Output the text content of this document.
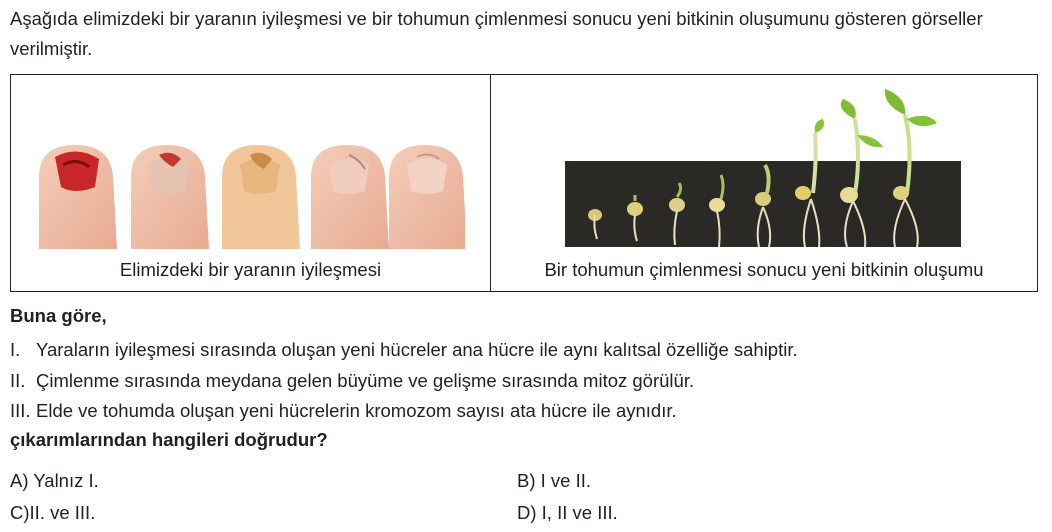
Aşağıda elimizdeki bir yaranın iyileşmesi ve bir tohumun çimlenmesi sonucu yeni bitkinin oluşumunu gösteren görseller verilmiştir.
Elimizdeki bir yaranın iyileşmesi	Bir tohumun çimlenmesi sonucu yeni bitkinin oluşumu
Buna göre,
I. Yaraların iyileşmesi sırasında oluşan yeni hücreler ana hücre ile aynı kalıtsal özelliğe sahiptir.
II. Çimlenme sırasında meydana gelen büyüme ve gelişme sırasında mitoz görülür.
III. Elde ve tohumda oluşan yeni hücrelerin kromozom sayısı ata hücre ile aynıdır.
çıkarımlarından hangileri doğrudur?
A) Yalnız I.	B) I ve II.
C)II. ve III.	D) I, II ve III.
